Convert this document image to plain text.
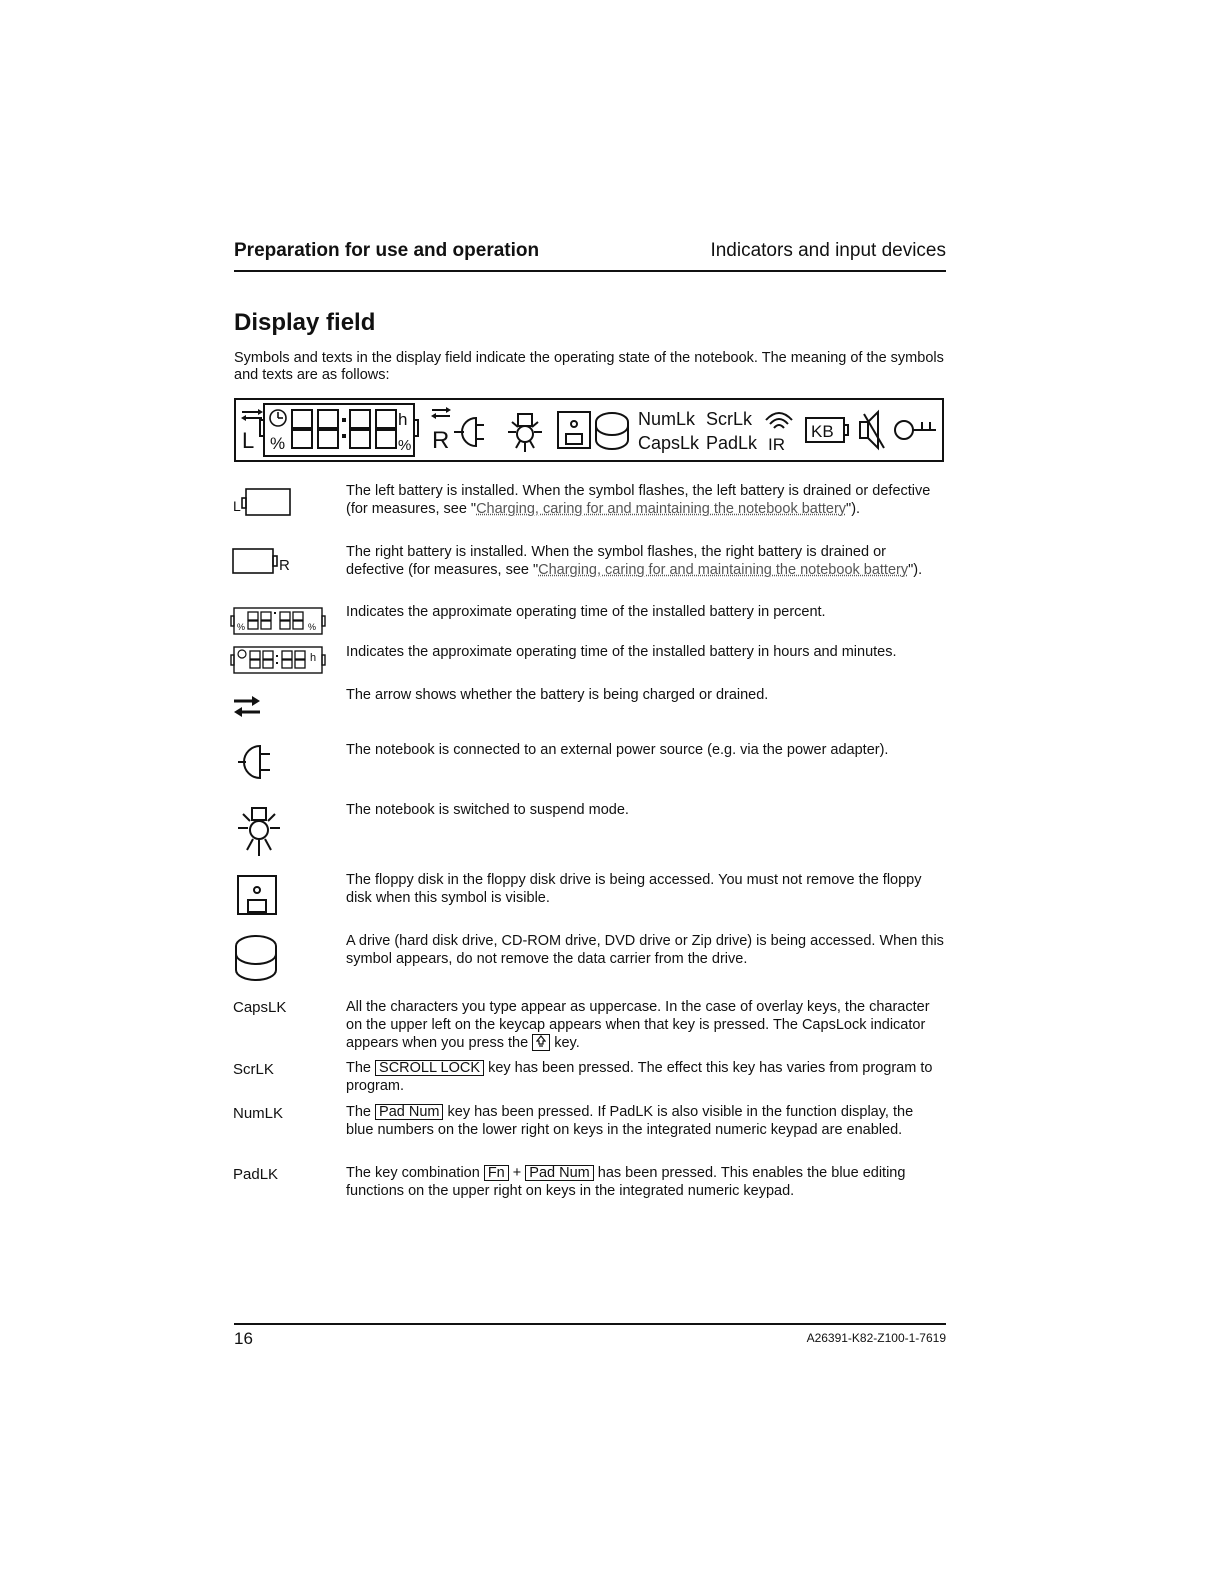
Preparation for use and operation	Indicators and input devices
Display field

Symbols and texts in the display field indicate the operating state of the notebook. The meaning of the symbols and texts are as follows:

L %
h
% R
NumLk ScrLk
CapsLk PadLk IR
KB
L

The left battery is installed. When the symbol flashes, the left battery is drained or defective (for measures, see "Charging, caring for and maintaining the notebook battery").

R

The right battery is installed. When the symbol flashes, the right battery is drained or defective (for measures, see "Charging, caring for and maintaining the notebook battery").

%	%

Indicates the approximate operating time of the installed battery in percent.

h Indicates the approximate operating time of the installed battery in hours and minutes.

The arrow shows whether the battery is being charged or drained.

The notebook is connected to an external power source (e.g. via the power adapter).

The notebook is switched to suspend mode.

The floppy disk in the floppy disk drive is being accessed. You must not remove the floppy disk when this symbol is visible.

A drive (hard disk drive, CD-ROM drive, DVD drive or Zip drive) is being accessed. When this symbol appears, do not remove the data carrier from the drive.

CapsLK	All the characters you type appear as uppercase. In the case of overlay keys, the character on the upper left on the keycap appears when that key is pressed. The CapsLock indicator appears when you press the key.

ScrLK	The SCROLL LOCK key has been pressed. The effect this key has varies from program to program.

NumLK	The Pad Num key has been pressed. If PadLK is also visible in the function display, the blue numbers on the lower right on keys in the integrated numeric keypad are enabled.

PadLK	The key combination Fn + Pad Num has been pressed. This enables the blue editing functions on the upper right on keys in the integrated numeric keypad.

16	A26391-K82-Z100-1-7619
